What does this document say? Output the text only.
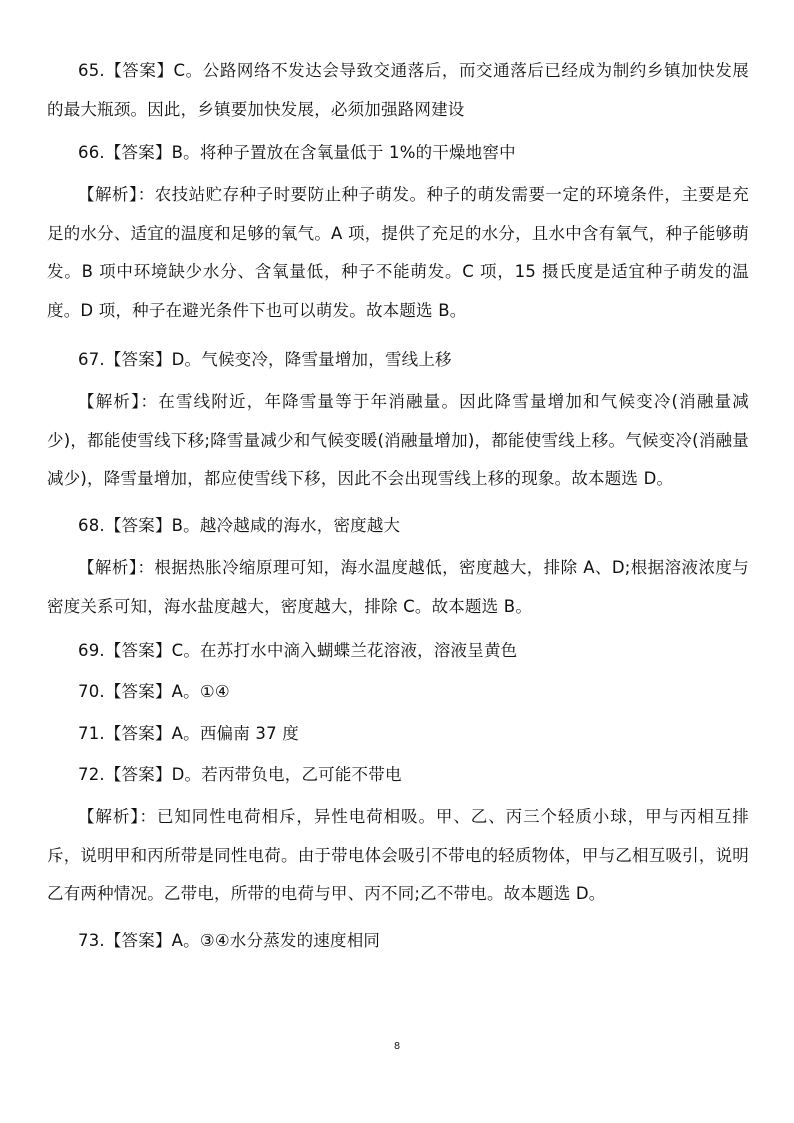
65.【答案】C。公路网络不发达会导致交通落后，而交通落后已经成为制约乡镇加快发展的最大瓶颈。因此，乡镇要加快发展，必须加强路网建设

66.【答案】B。将种子置放在含氧量低于 1%的干燥地窖中

【解析】：农技站贮存种子时要防止种子萌发。种子的萌发需要一定的环境条件，主要是充足的水分、适宜的温度和足够的氧气。A 项，提供了充足的水分，且水中含有氧气，种子能够萌发。B 项中环境缺少水分、含氧量低，种子不能萌发。C 项，15 摄氏度是适宜种子萌发的温度。D 项，种子在避光条件下也可以萌发。故本题选 B。

67.【答案】D。气候变冷，降雪量增加，雪线上移

【解析】：在雪线附近，年降雪量等于年消融量。因此降雪量增加和气候变冷(消融量减少)，都能使雪线下移;降雪量减少和气候变暖(消融量增加)，都能使雪线上移。气候变冷(消融量减少)，降雪量增加，都应使雪线下移，因此不会出现雪线上移的现象。故本题选 D。

68.【答案】B。越冷越咸的海水，密度越大

【解析】：根据热胀冷缩原理可知，海水温度越低，密度越大，排除 A、D;根据溶液浓度与密度关系可知，海水盐度越大，密度越大，排除 C。故本题选 B。

69.【答案】C。在苏打水中滴入蝴蝶兰花溶液，溶液呈黄色

70.【答案】A。①④

71.【答案】A。西偏南 37 度

72.【答案】D。若丙带负电，乙可能不带电

【解析】：已知同性电荷相斥，异性电荷相吸。甲、乙、丙三个轻质小球，甲与丙相互排斥，说明甲和丙所带是同性电荷。由于带电体会吸引不带电的轻质物体，甲与乙相互吸引，说明乙有两种情况。乙带电，所带的电荷与甲、丙不同;乙不带电。故本题选 D。

73.【答案】A。③④水分蒸发的速度相同

8
